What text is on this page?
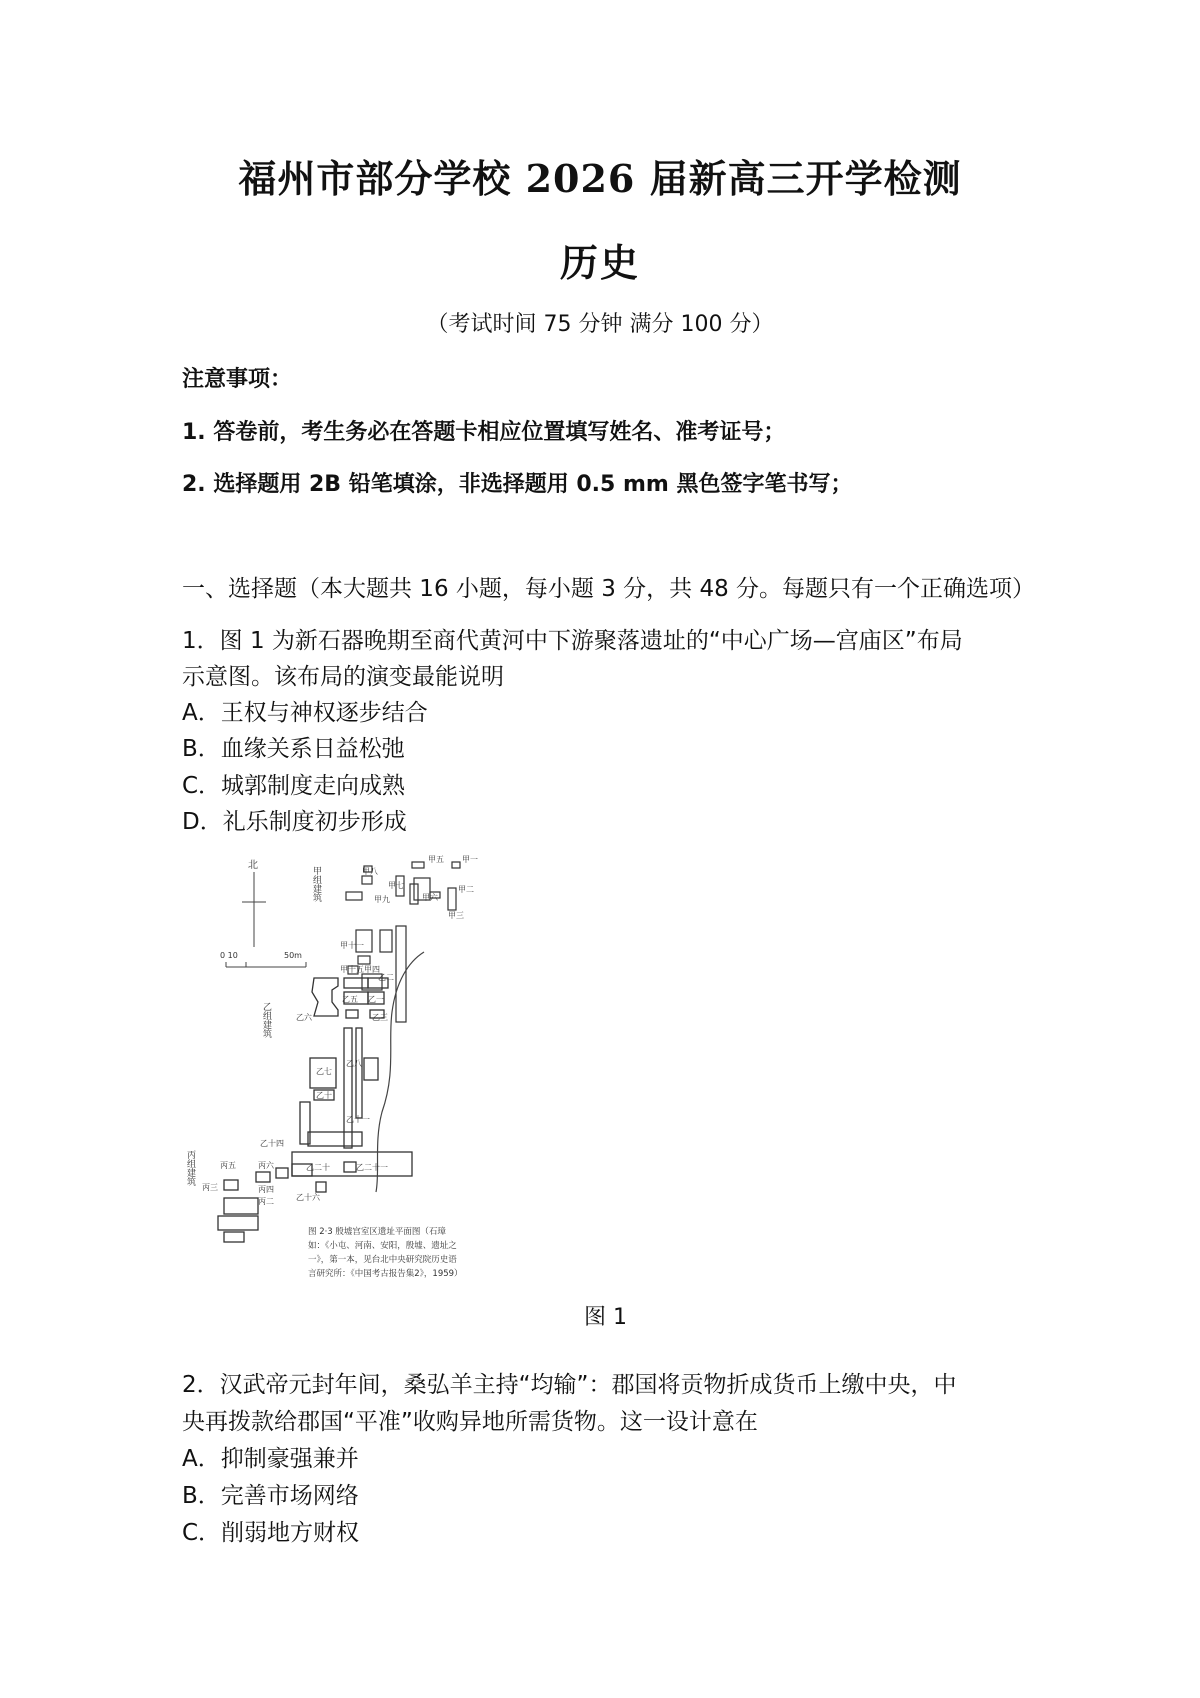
福州市部分学校 2026 届新高三开学检测
历史
（考试时间 75 分钟 满分 100 分）
注意事项：
1. 答卷前，考生务必在答题卡相应位置填写姓名、准考证号；
2. 选择题用 2B 铅笔填涂，非选择题用 0.5 mm 黑色签字笔书写；
一、选择题（本大题共 16 小题，每小题 3 分，共 48 分。每题只有一个正确选项）
1．图 1 为新石器晚期至商代黄河中下游聚落遗址的“中心广场—宫庙区”布局
示意图。该布局的演变最能说明
A．王权与神权逐步结合
B．血缘关系日益松弛
C．城郭制度走向成熟
D．礼乐制度初步形成
北
0 10	50m
甲组建筑
乙组建筑
丙组建筑
甲五 甲一
甲八
甲七	甲二
甲六
甲九
甲三
甲十一
甲十五 甲四
乙一
乙二
乙三
乙五
乙六
乙七
乙八
乙十
乙十一
乙十四
乙二十	乙二十一
乙十六
丙五
丙三
丙六
丙四
丙二
图 2·3 殷墟宫室区遗址平面图（石璋
如：《小屯、河南、安阳，殷墟、遗址之
一》，第一本，见台北中央研究院历史语
言研究所：《中国考古报告集2》，1959）
图 1
2．汉武帝元封年间，桑弘羊主持“均输”：郡国将贡物折成货币上缴中央，中
央再拨款给郡国“平准”收购异地所需货物。这一设计意在
A．抑制豪强兼并
B．完善市场网络
C．削弱地方财权
